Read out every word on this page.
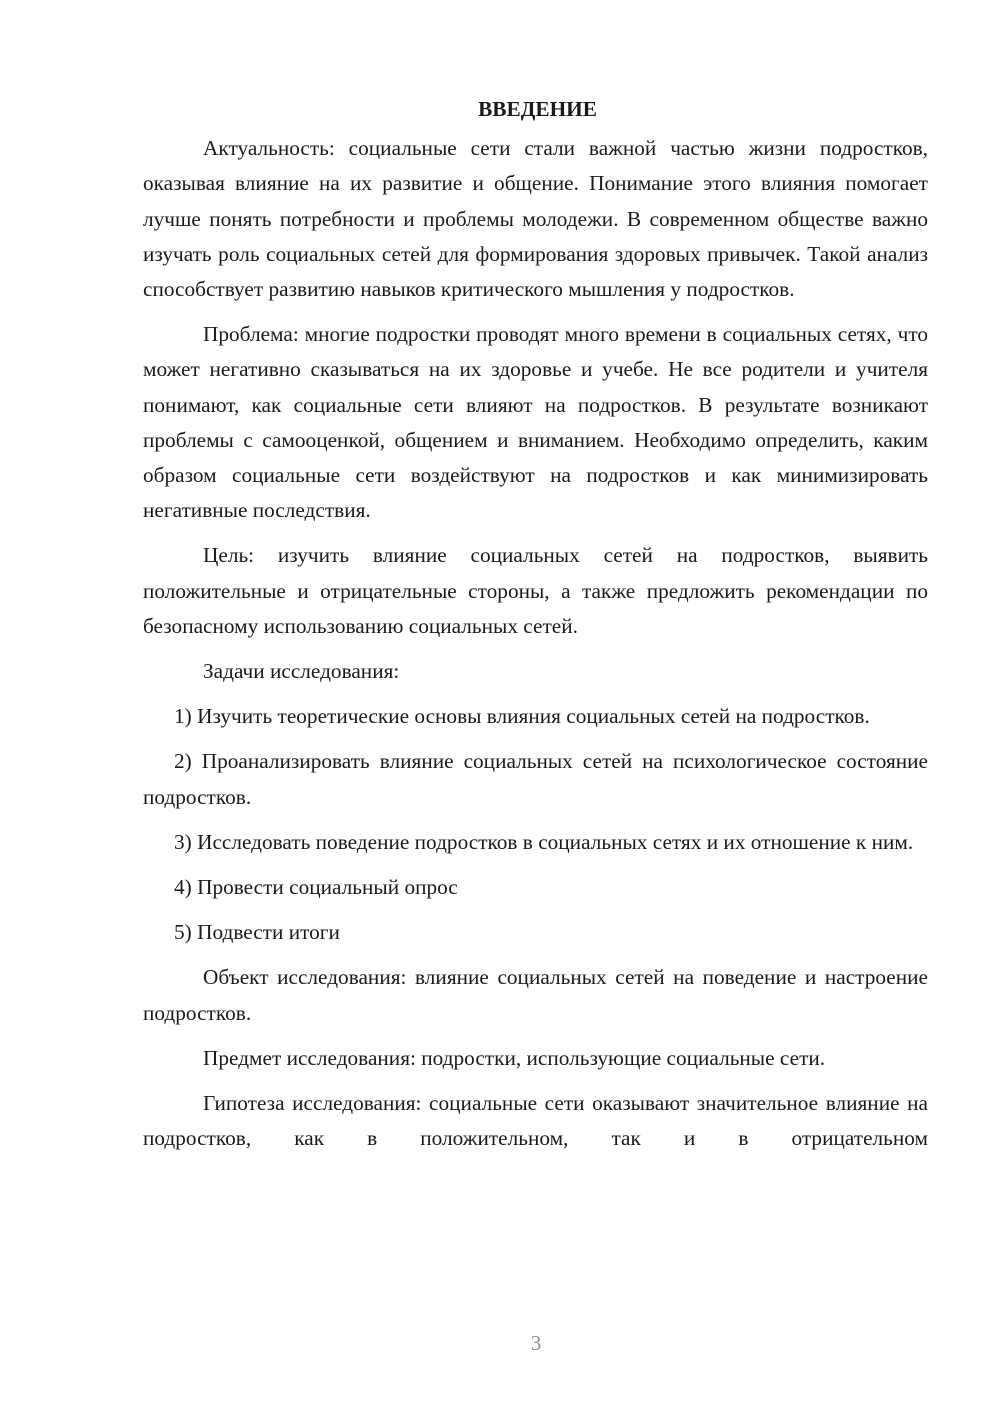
ВВЕДЕНИЕ

Актуальность: социальные сети стали важной частью жизни подростков, оказывая влияние на их развитие и общение. Понимание этого влияния помогает лучше понять потребности и проблемы молодежи. В современном обществе важно изучать роль социальных сетей для формирования здоровых привычек. Такой анализ способствует развитию навыков критического мышления у подростков.

Проблема: многие подростки проводят много времени в социальных сетях, что может негативно сказываться на их здоровье и учебе. Не все родители и учителя понимают, как социальные сети влияют на подростков. В результате возникают проблемы с самооценкой, общением и вниманием. Необходимо определить, каким образом социальные сети воздействуют на подростков и как минимизировать негативные последствия.

Цель: изучить влияние социальных сетей на подростков, выявить положительные и отрицательные стороны, а также предложить рекомендации по безопасному использованию социальных сетей.

Задачи исследования:

1) Изучить теоретические основы влияния социальных сетей на подростков.

2) Проанализировать влияние социальных сетей на психологическое состояние подростков.

3) Исследовать поведение подростков в социальных сетях и их отношение к ним.

4) Провести социальный опрос

5) Подвести итоги

Объект исследования: влияние социальных сетей на поведение и настроение подростков.

Предмет исследования: подростки, использующие социальные сети.

Гипотеза исследования: социальные сети оказывают значительное влияние на подростков, как в положительном, так и в отрицательном

3
